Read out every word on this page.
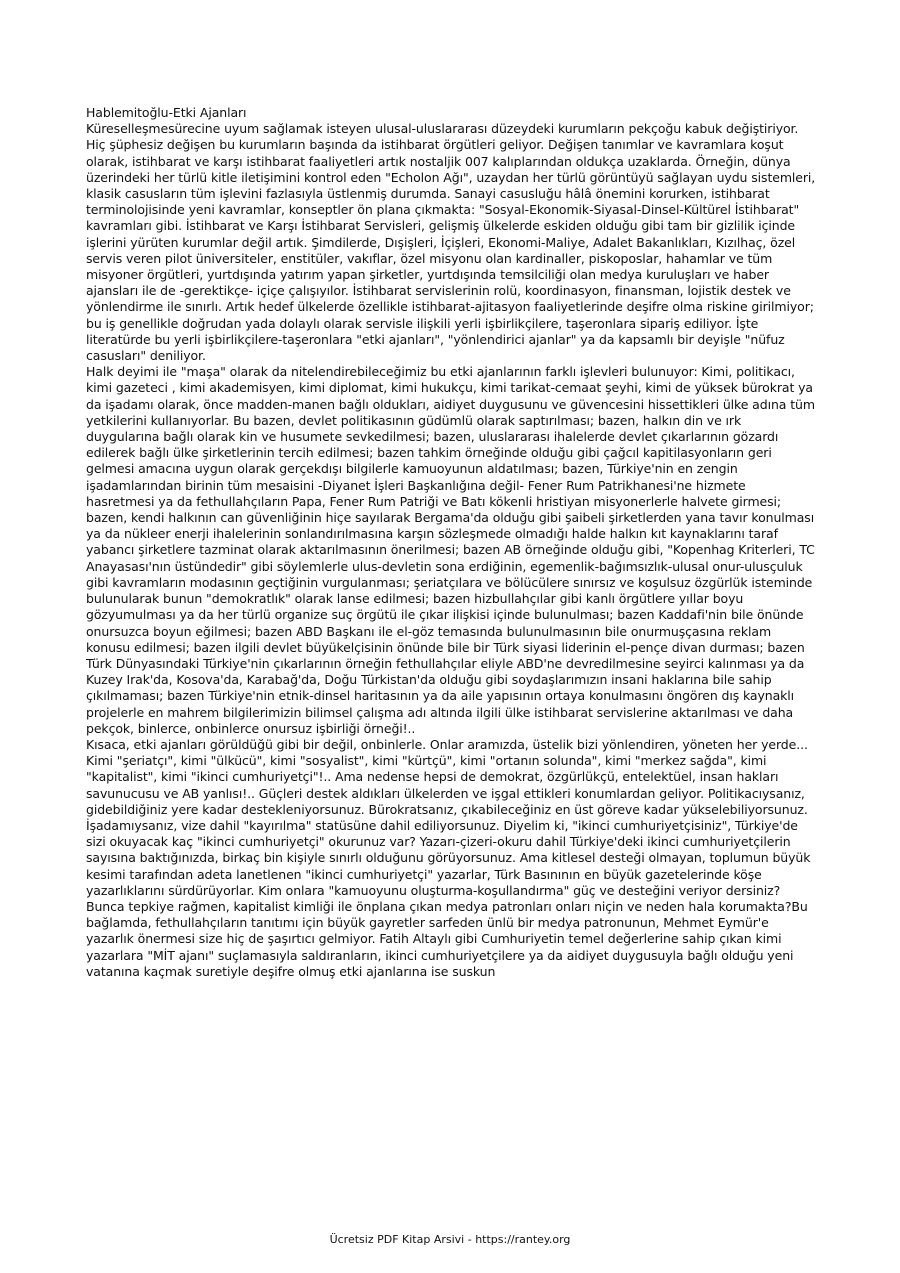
Hablemitoğlu-Etki Ajanları

Küreselleşmesürecine uyum sağlamak isteyen ulusal-uluslararası düzeydeki kurumların pekçoğu kabuk değiştiriyor. Hiç şüphesiz değişen bu kurumların başında da istihbarat örgütleri geliyor. Değişen tanımlar ve kavramlara koşut olarak, istihbarat ve karşı istihbarat faaliyetleri artık nostaljik 007 kalıplarından oldukça uzaklarda. Örneğin, dünya üzerindeki her türlü kitle iletişimini kontrol eden "Echolon Ağı", uzaydan her türlü görüntüyü sağlayan uydu sistemleri, klasik casusların tüm işlevini fazlasıyla üstlenmiş durumda. Sanayi casusluğu hâlâ önemini korurken, istihbarat terminolojisinde yeni kavramlar, konseptler ön plana çıkmakta: "Sosyal-Ekonomik-Siyasal-Dinsel-Kültürel İstihbarat" kavramları gibi. İstihbarat ve Karşı İstihbarat Servisleri, gelişmiş ülkelerde eskiden olduğu gibi tam bir gizlilik içinde işlerini yürüten kurumlar değil artık. Şimdilerde, Dışişleri, İçişleri, Ekonomi-Maliye, Adalet Bakanlıkları, Kızılhaç, özel servis veren pilot üniversiteler, enstitüler, vakıflar, özel misyonu olan kardinaller, piskoposlar, hahamlar ve tüm misyoner örgütleri, yurtdışında yatırım yapan şirketler, yurtdışında temsilciliği olan medya kuruluşları ve haber ajansları ile de -gerektikçe- içiçe çalışıyılor. İstihbarat servislerinin rolü, koordinasyon, finansman, lojistik destek ve yönlendirme ile sınırlı. Artık hedef ülkelerde özellikle istihbarat-ajitasyon faaliyetlerinde deşifre olma riskine girilmiyor; bu iş genellikle doğrudan yada dolaylı olarak servisle ilişkili yerli işbirlikçilere, taşeronlara sipariş ediliyor. İşte literatürde bu yerli işbirlikçilere-taşeronlara "etki ajanları", "yönlendirici ajanlar" ya da kapsamlı bir deyişle "nüfuz casusları" deniliyor.

Halk deyimi ile "maşa" olarak da nitelendirebileceğimiz bu etki ajanlarının farklı işlevleri bulunuyor: Kimi, politikacı, kimi gazeteci , kimi akademisyen, kimi diplomat, kimi hukukçu, kimi tarikat-cemaat şeyhi, kimi de yüksek bürokrat ya da işadamı olarak, önce madden-manen bağlı oldukları, aidiyet duygusunu ve güvencesini hissettikleri ülke adına tüm yetkilerini kullanıyorlar. Bu bazen, devlet politikasının güdümlü olarak saptırılması; bazen, halkın din ve ırk duygularına bağlı olarak kin ve husumete sevkedilmesi; bazen, uluslararası ihalelerde devlet çıkarlarının gözardı edilerek bağlı ülke şirketlerinin tercih edilmesi; bazen tahkim örneğinde olduğu gibi çağcıl kapitilasyonların geri gelmesi amacına uygun olarak gerçekdışı bilgilerle kamuoyunun aldatılması; bazen, Türkiye'nin en zengin işadamlarından birinin tüm mesaisini -Diyanet İşleri Başkanlığına değil- Fener Rum Patrikhanesi'ne hizmete hasretmesi ya da fethullahçıların Papa, Fener Rum Patriği ve Batı kökenli hristiyan misyonerlerle halvete girmesi; bazen, kendi halkının can güvenliğinin hiçe sayılarak Bergama'da olduğu gibi şaibeli şirketlerden yana tavır konulması ya da nükleer enerji ihalelerinin sonlandırılmasına karşın sözleşmede olmadığı halde halkın kıt kaynaklarını taraf yabancı şirketlere tazminat olarak aktarılmasının önerilmesi; bazen AB örneğinde olduğu gibi, "Kopenhag Kriterleri, TC Anayasası'nın üstündedir" gibi söylemlerle ulus-devletin sona erdiğinin, egemenlik-bağımsızlık-ulusal onur-ulusçuluk gibi kavramların modasının geçtiğinin vurgulanması; şeriatçılara ve bölücülere sınırsız ve koşulsuz özgürlük isteminde bulunularak bunun "demokratlık" olarak lanse edilmesi; bazen hizbullahçılar gibi kanlı örgütlere yıllar boyu gözyumulması ya da her türlü organize suç örgütü ile çıkar ilişkisi içinde bulunulması; bazen Kaddafi'nin bile önünde onursuzca boyun eğilmesi; bazen ABD Başkanı ile el-göz temasında bulunulmasının bile onurmuşçasına reklam konusu edilmesi; bazen ilgili devlet büyükelçisinin önünde bile bir Türk siyasi liderinin el-pençe divan durması; bazen Türk Dünyasındaki Türkiye'nin çıkarlarının örneğin fethullahçılar eliyle ABD'ne devredilmesine seyirci kalınması ya da Kuzey Irak'da, Kosova'da, Karabağ'da, Doğu Türkistan'da olduğu gibi soydaşlarımızın insani haklarına bile sahip çıkılmaması; bazen Türkiye'nin etnik-dinsel haritasının ya da aile yapısının ortaya konulmasını öngören dış kaynaklı projelerle en mahrem bilgilerimizin bilimsel çalışma adı altında ilgili ülke istihbarat servislerine aktarılması ve daha pekçok, binlerce, onbinlerce onursuz işbirliği örneği!..

Kısaca, etki ajanları görüldüğü gibi bir değil, onbinlerle. Onlar aramızda, üstelik bizi yönlendiren, yöneten her yerde... Kimi "şeriatçı", kimi "ülkücü", kimi "sosyalist", kimi "kürtçü", kimi "ortanın solunda", kimi "merkez sağda", kimi "kapitalist", kimi "ikinci cumhuriyetçi"!.. Ama nedense hepsi de demokrat, özgürlükçü, entelektüel, insan hakları savunucusu ve AB yanlısı!.. Güçleri destek aldıkları ülkelerden ve işgal ettikleri konumlardan geliyor. Politikacıysanız, gidebildiğiniz yere kadar destekleniyorsunuz. Bürokratsanız, çıkabileceğiniz en üst göreve kadar yükselebiliyorsunuz. İşadamıysanız, vize dahil "kayırılma" statüsüne dahil ediliyorsunuz. Diyelim ki, "ikinci cumhuriyetçisiniz", Türkiye'de sizi okuyacak kaç "ikinci cumhuriyetçi" okurunuz var? Yazarı-çizeri-okuru dahil Türkiye'deki ikinci cumhuriyetçilerin sayısına baktığınızda, birkaç bin kişiyle sınırlı olduğunu görüyorsunuz. Ama kitlesel desteği olmayan, toplumun büyük kesimi tarafından adeta lanetlenen "ikinci cumhuriyetçi" yazarlar, Türk Basınının en büyük gazetelerinde köşe yazarlıklarını sürdürüyorlar. Kim onlara "kamuoyunu oluşturma-koşullandırma" güç ve desteğini veriyor dersiniz? Bunca tepkiye rağmen, kapitalist kimliği ile önplana çıkan medya patronları onları niçin ve neden hala korumakta?Bu bağlamda, fethullahçıların tanıtımı için büyük gayretler sarfeden ünlü bir medya patronunun, Mehmet Eymür'e yazarlık önermesi size hiç de şaşırtıcı gelmiyor. Fatih Altaylı gibi Cumhuriyetin temel değerlerine sahip çıkan kimi yazarlara "MİT ajanı" suçlamasıyla saldıranların, ikinci cumhuriyetçilere ya da aidiyet duygusuyla bağlı olduğu yeni vatanına kaçmak suretiyle deşifre olmuş etki ajanlarına ise suskun

Ücretsiz PDF Kitap Arsivi - https://rantey.org
